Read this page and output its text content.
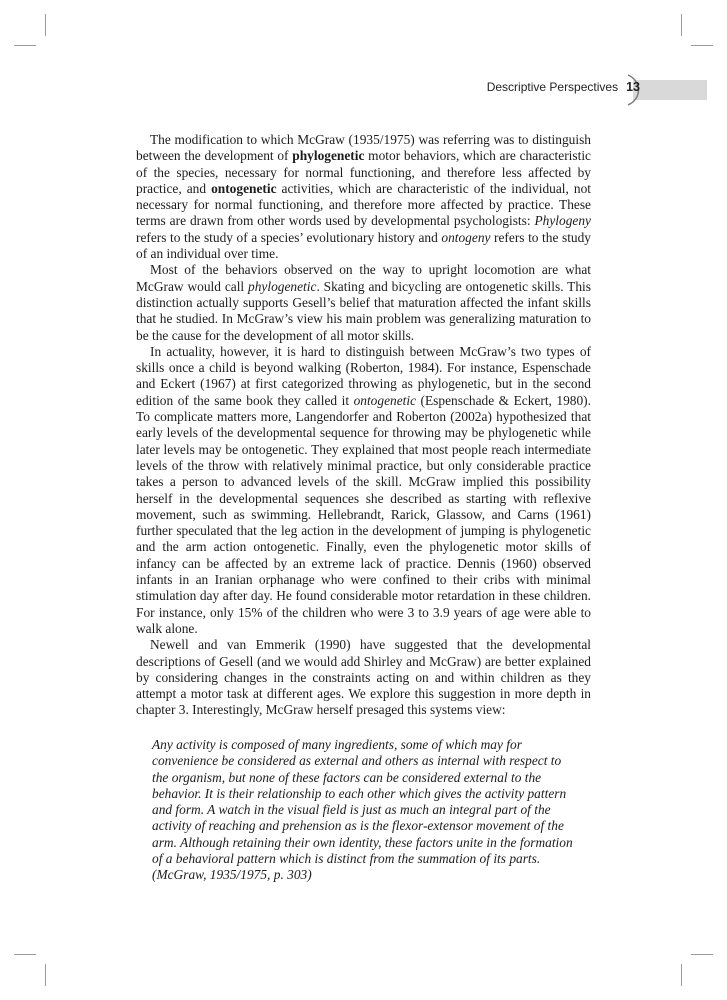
Descriptive Perspectives 13

The modification to which McGraw (1935/1975) was referring was to distinguish between the development of phylogenetic motor behaviors, which are characteristic of the species, necessary for normal functioning, and therefore less affected by practice, and ontogenetic activities, which are characteristic of the individual, not necessary for normal functioning, and therefore more affected by practice. These terms are drawn from other words used by developmental psychologists: Phylogeny refers to the study of a species’ evolutionary history and ontogeny refers to the study of an individual over time.

Most of the behaviors observed on the way to upright locomotion are what McGraw would call phylogenetic. Skating and bicycling are ontogenetic skills. This distinction actually supports Gesell’s belief that maturation affected the infant skills that he studied. In McGraw’s view his main problem was generalizing maturation to be the cause for the development of all motor skills.

In actuality, however, it is hard to distinguish between McGraw’s two types of skills once a child is beyond walking (Roberton, 1984). For instance, Espenschade and Eckert (1967) at first categorized throwing as phylogenetic, but in the second edition of the same book they called it ontogenetic (Espenschade & Eckert, 1980). To complicate matters more, Langendorfer and Roberton (2002a) hypothesized that early levels of the developmental sequence for throwing may be phylogenetic while later levels may be ontogenetic. They explained that most people reach intermediate levels of the throw with relatively minimal practice, but only considerable practice takes a person to advanced levels of the skill. McGraw implied this possibility herself in the developmental sequences she described as starting with reflexive movement, such as swimming. Hellebrandt, Rarick, Glassow, and Carns (1961) further speculated that the leg action in the development of jumping is phylogenetic and the arm action ontogenetic. Finally, even the phylogenetic motor skills of infancy can be affected by an extreme lack of practice. Dennis (1960) observed infants in an Iranian orphanage who were confined to their cribs with minimal stimulation day after day. He found considerable motor retardation in these children. For instance, only 15% of the children who were 3 to 3.9 years of age were able to walk alone.

Newell and van Emmerik (1990) have suggested that the developmental descriptions of Gesell (and we would add Shirley and McGraw) are better explained by considering changes in the constraints acting on and within children as they attempt a motor task at different ages. We explore this suggestion in more depth in chapter 3. Interestingly, McGraw herself presaged this systems view:

Any activity is composed of many ingredients, some of which may for convenience be considered as external and others as internal with respect to the organism, but none of these factors can be considered external to the behavior. It is their relationship to each other which gives the activity pattern and form. A watch in the visual field is just as much an integral part of the activity of reaching and prehension as is the flexor-extensor movement of the arm. Although retaining their own identity, these factors unite in the formation of a behavioral pattern which is distinct from the summation of its parts. (McGraw, 1935/1975, p. 303)
